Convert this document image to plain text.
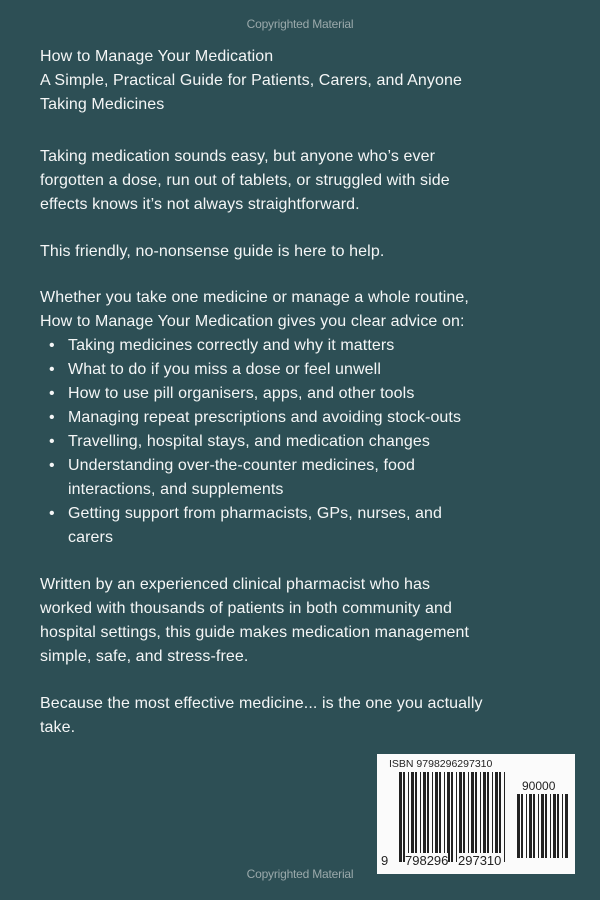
Copyrighted Material
How to Manage Your Medication
A Simple, Practical Guide for Patients, Carers, and Anyone
Taking Medicines
Taking medication sounds easy, but anyone who’s ever
forgotten a dose, run out of tablets, or struggled with side
effects knows it’s not always straightforward.
This friendly, no-nonsense guide is here to help.
Whether you take one medicine or manage a whole routine,
How to Manage Your Medication gives you clear advice on:
• Taking medicines correctly and why it matters
• What to do if you miss a dose or feel unwell
• How to use pill organisers, apps, and other tools
• Managing repeat prescriptions and avoiding stock-outs
• Travelling, hospital stays, and medication changes
• Understanding over-the-counter medicines, food
interactions, and supplements
• Getting support from pharmacists, GPs, nurses, and
carers
Written by an experienced clinical pharmacist who has
worked with thousands of patients in both community and
hospital settings, this guide makes medication management
simple, safe, and stress-free.
Because the most effective medicine... is the one you actually
take.
ISBN 9798296297310
90000
9 798296 297310
Copyrighted Material
